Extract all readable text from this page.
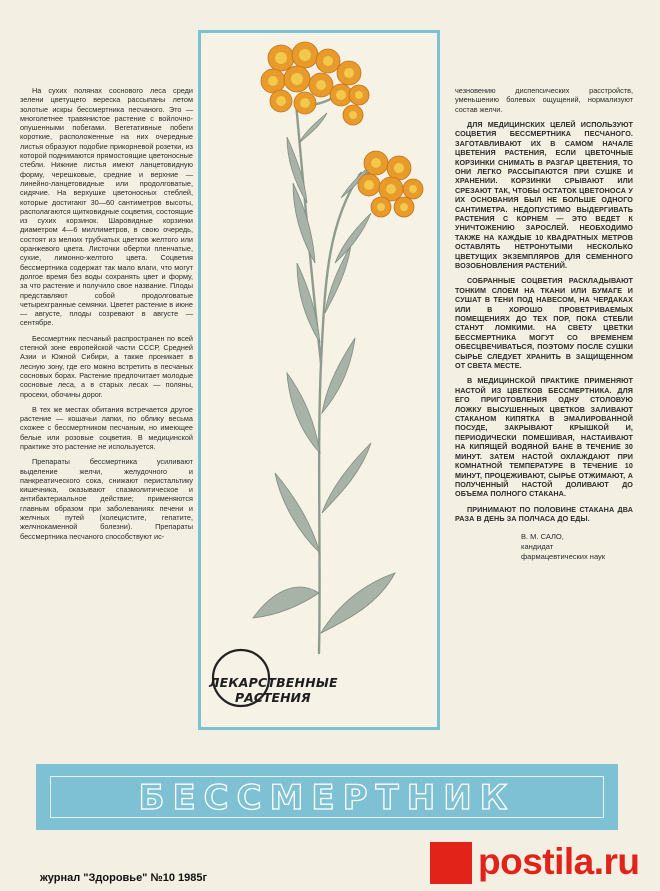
На сухих полянах соснового леса среди зелени цветущего вереска рассыпаны летом золотые искры бессмертника песчаного. Это — многолетнее травянистое растение с войлочно-опушенными побегами. Вегетативные побеги короткие, расположенные на них очередные листья образуют подобие прикорневой розетки, из которой поднимаются прямостоящие цветоносные стебли. Нижние листья имеют ланцетовидную форму, черешковые, средние и верхние — линейно-ланцетовидные или продолговатые, сидячие. На верхушке цветоносных стеблей, которые достигают 30—60 сантиметров высоты, располагаются щитковидные соцветия, состоящие из сухих корзинок. Шаровидные корзинки диаметром 4—6 миллиметров, в свою очередь, состоят из мелких трубчатых цветков желтого или оранжевого цвета. Листочки обертки пленчатые, сухие, лимонно-желтого цвета. Соцветия бессмертника содержат так мало влаги, что могут долгое время без воды сохранять цвет и форму, за что растение и получило свое название. Плоды представляют собой продолговатые четырехгранные семянки. Цветет растение в июне — августе, плоды созревают в августе — сентябре.

Бессмертник песчаный распространен по всей степной зоне европейской части СССР, Средней Азии и Южной Сибири, а также проникает в лесную зону, где его можно встретить в песчаных сосновых борах. Растение предпочитает молодые сосновые леса, а в старых лесах — поляны, просеки, обочины дорог.

В тех же местах обитания встречается другое растение — кошачьи лапки, по облику весьма схожее с бессмертником песчаным, но имеющее белые или розовые соцветия. В медицинской практике это растение не используется.

Препараты бессмертника усиливают выделение желчи, желудочного и панкреатического сока, снижают перистальтику кишечника, оказывают спазмолитическое и антибактериальное действие; применяются главным образом при заболеваниях печени и желчных путей (холецистите, гепатите, желчнокаменной болезни). Препараты бессмертника песчаного способствуют ис-

ЛЕКАРСТВЕННЫЕ
РАСТЕНИЯ

чезновению диспепсических расстройств, уменьшению болевых ощущений, нормализуют состав желчи.

ДЛЯ МЕДИЦИНСКИХ ЦЕЛЕЙ ИСПОЛЬЗУЮТ СОЦВЕТИЯ БЕССМЕРТНИКА ПЕСЧАНОГО. ЗАГОТАВЛИВАЮТ ИХ В САМОМ НАЧАЛЕ ЦВЕТЕНИЯ РАСТЕНИЯ, ЕСЛИ ЦВЕТОЧНЫЕ КОРЗИНКИ СНИМАТЬ В РАЗГАР ЦВЕТЕНИЯ, ТО ОНИ ЛЕГКО РАССЫПАЮТСЯ ПРИ СУШКЕ И ХРАНЕНИИ. КОРЗИНКИ СРЫВАЮТ ИЛИ СРЕЗАЮТ ТАК, ЧТОБЫ ОСТАТОК ЦВЕТОНОСА У ИХ ОСНОВАНИЯ БЫЛ НЕ БОЛЬШЕ ОДНОГО САНТИМЕТРА. НЕДОПУСТИМО ВЫДЕРГИВАТЬ РАСТЕНИЯ С КОРНЕМ — ЭТО ВЕДЕТ К УНИЧТОЖЕНИЮ ЗАРОСЛЕЙ. НЕОБХОДИМО ТАКЖЕ НА КАЖДЫЕ 10 КВАДРАТНЫХ МЕТРОВ ОСТАВЛЯТЬ НЕТРОНУТЫМИ НЕСКОЛЬКО ЦВЕТУЩИХ ЭКЗЕМПЛЯРОВ ДЛЯ СЕМЕННОГО ВОЗОБНОВЛЕНИЯ РАСТЕНИЙ.

СОБРАННЫЕ СОЦВЕТИЯ РАСКЛАДЫВАЮТ ТОНКИМ СЛОЕМ НА ТКАНИ ИЛИ БУМАГЕ И СУШАТ В ТЕНИ ПОД НАВЕСОМ, НА ЧЕРДАКАХ ИЛИ В ХОРОШО ПРОВЕТРИВАЕМЫХ ПОМЕЩЕНИЯХ ДО ТЕХ ПОР, ПОКА СТЕБЛИ СТАНУТ ЛОМКИМИ. НА СВЕТУ ЦВЕТКИ БЕССМЕРТНИКА МОГУТ СО ВРЕМЕНЕМ ОБЕСЦВЕЧИВАТЬСЯ, ПОЭТОМУ ПОСЛЕ СУШКИ СЫРЬЕ СЛЕДУЕТ ХРАНИТЬ В ЗАЩИЩЕННОМ ОТ СВЕТА МЕСТЕ.

В МЕДИЦИНСКОЙ ПРАКТИКЕ ПРИМЕНЯЮТ НАСТОЙ ИЗ ЦВЕТКОВ БЕССМЕРТНИКА. ДЛЯ ЕГО ПРИГОТОВЛЕНИЯ ОДНУ СТОЛОВУЮ ЛОЖКУ ВЫСУШЕННЫХ ЦВЕТКОВ ЗАЛИВАЮТ СТАКАНОМ КИПЯТКА В ЭМАЛИРОВАННОЙ ПОСУДЕ, ЗАКРЫВАЮТ КРЫШКОЙ И, ПЕРИОДИЧЕСКИ ПОМЕШИВАЯ, НАСТАИВАЮТ НА КИПЯЩЕЙ ВОДЯНОЙ БАНЕ В ТЕЧЕНИЕ 30 МИНУТ. ЗАТЕМ НАСТОЙ ОХЛАЖДАЮТ ПРИ КОМНАТНОЙ ТЕМПЕРАТУРЕ В ТЕЧЕНИЕ 10 МИНУТ, ПРОЦЕЖИВАЮТ, СЫРЬЕ ОТЖИМАЮТ, А ПОЛУЧЕННЫЙ НАСТОЙ ДОЛИВАЮТ ДО ОБЪЕМА ПОЛНОГО СТАКАНА.

ПРИНИМАЮТ ПО ПОЛОВИНЕ СТАКАНА ДВА РАЗА В ДЕНЬ ЗА ПОЛЧАСА ДО ЕДЫ.

В. М. САЛО,
кандидат
фармацевтических наук
БЕССМЕРТНИК
журнал "Здоровье" №10 1985г	postila.ru
